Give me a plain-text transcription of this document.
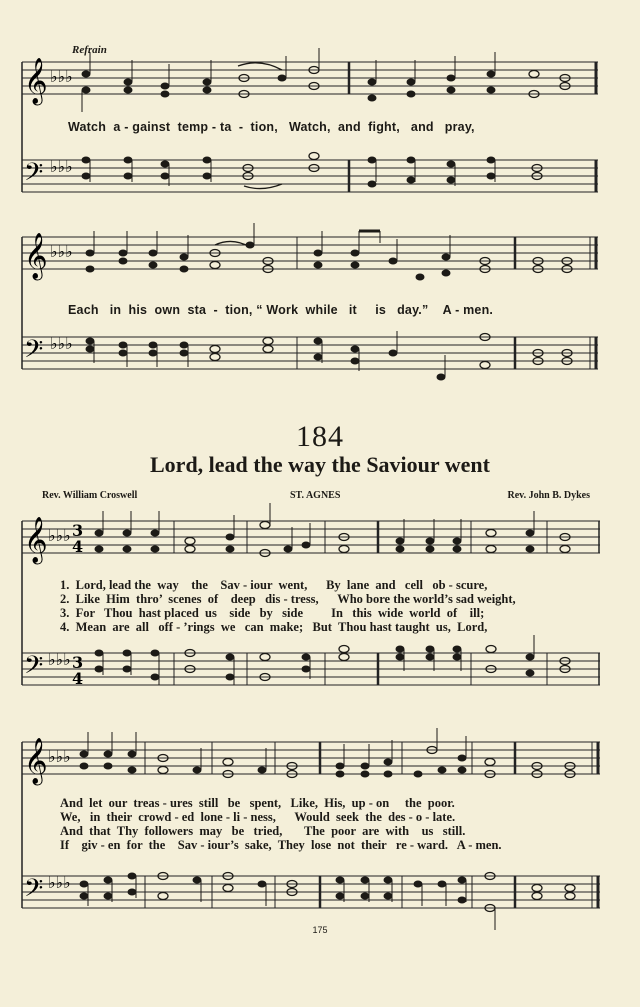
Refrain
𝄞
𝄢
♭♭♭
♭♭♭
Watch  a - gainst  temp - ta  -  tion,   Watch,  and  fight,   and   pray,
𝄞
𝄢
♭♭♭
♭♭♭
Each   in  his  own  sta  -  tion, “ Work  while   it     is   day.”    A - men.
184
Lord, lead the way the Saviour went
Rev. William Croswell	ST. AGNES	Rev. John B. Dykes
𝄞
𝄢
♭♭♭
♭♭♭
3
4
3
4
1.  Lord, lead the  way    the    Sav - iour  went,      By  lane  and   cell   ob - scure,
2.  Like  Him  thro’  scenes  of    deep   dis - tress,      Who bore the world’s sad weight,
3.  For   Thou  hast placed  us    side   by   side         In   this  wide  world  of    ill;
4.  Mean  are  all   off - ’rings  we   can  make;   But  Thou hast taught  us,  Lord,
𝄞
𝄢
♭♭♭
♭♭♭
And  let  our  treas - ures  still   be   spent,   Like,  His,  up - on     the  poor.
We,   in  their  crowd - ed  lone - li - ness,      Would  seek  the  des - o - late.
And  that  Thy  followers  may   be   tried,       The  poor  are  with    us   still.
If    giv - en  for  the    Sav - iour’s  sake,  They  lose  not  their   re - ward.   A - men.
175
